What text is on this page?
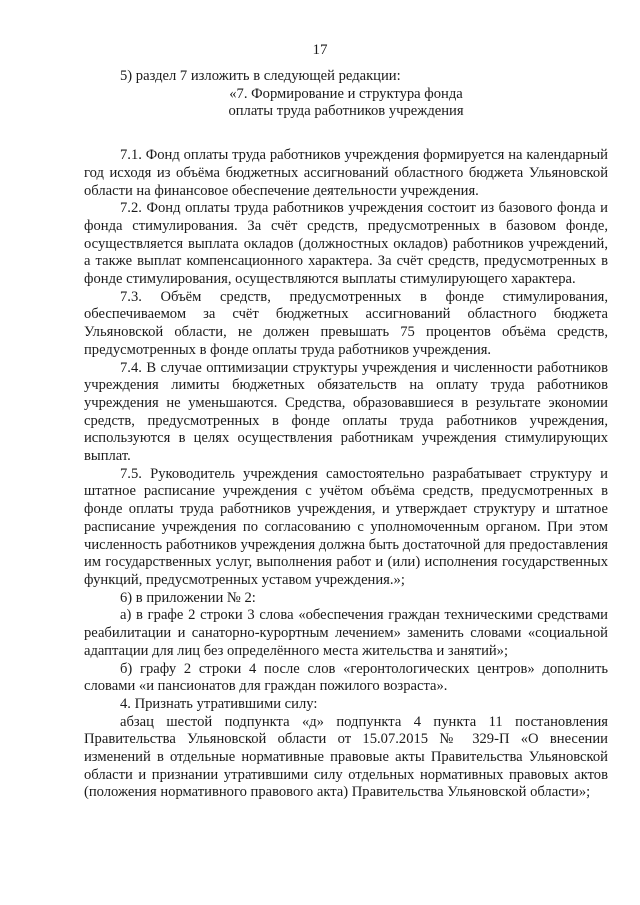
17

5) раздел 7 изложить в следующей редакции:

«7. Формирование и структура фонда

оплаты труда работников учреждения

7.1. Фонд оплаты труда работников учреждения формируется на календарный год исходя из объёма бюджетных ассигнований областного бюджета Ульяновской области на финансовое обеспечение деятельности учреждения.

7.2. Фонд оплаты труда работников учреждения состоит из базового фонда и фонда стимулирования. За счёт средств, предусмотренных в базовом фонде, осуществляется выплата окладов (должностных окладов) работников учреждений, а также выплат компенсационного характера. За счёт средств, предусмотренных в фонде стимулирования, осуществляются выплаты стимулирующего характера.

7.3. Объём средств, предусмотренных в фонде стимулирования, обеспечиваемом за счёт бюджетных ассигнований областного бюджета Ульяновской области, не должен превышать 75 процентов объёма средств, предусмотренных в фонде оплаты труда работников учреждения.

7.4. В случае оптимизации структуры учреждения и численности работников учреждения лимиты бюджетных обязательств на оплату труда работников учреждения не уменьшаются. Средства, образовавшиеся в результате экономии средств, предусмотренных в фонде оплаты труда работников учреждения, используются в целях осуществления работникам учреждения стимулирующих выплат.

7.5. Руководитель учреждения самостоятельно разрабатывает структуру и штатное расписание учреждения с учётом объёма средств, предусмотренных в фонде оплаты труда работников учреждения, и утверждает структуру и штатное расписание учреждения по согласованию с уполномоченным органом. При этом численность работников учреждения должна быть достаточной для предоставления им государственных услуг, выполнения работ и (или) исполнения государственных функций, предусмотренных уставом учреждения.»;

6) в приложении № 2:

а) в графе 2 строки 3 слова «обеспечения граждан техническими средствами реабилитации и санаторно-курортным лечением» заменить словами «социальной адаптации для лиц без определённого места жительства и занятий»;

б) графу 2 строки 4 после слов «геронтологических центров» дополнить словами «и пансионатов для граждан пожилого возраста».

4. Признать утратившими силу:

абзац шестой подпункта «д» подпункта 4 пункта 11 постановления Правительства Ульяновской области от 15.07.2015 № 329-П «О внесении изменений в отдельные нормативные правовые акты Правительства Ульяновской области и признании утратившими силу отдельных нормативных правовых актов (положения нормативного правового акта) Правительства Ульяновской области»;
